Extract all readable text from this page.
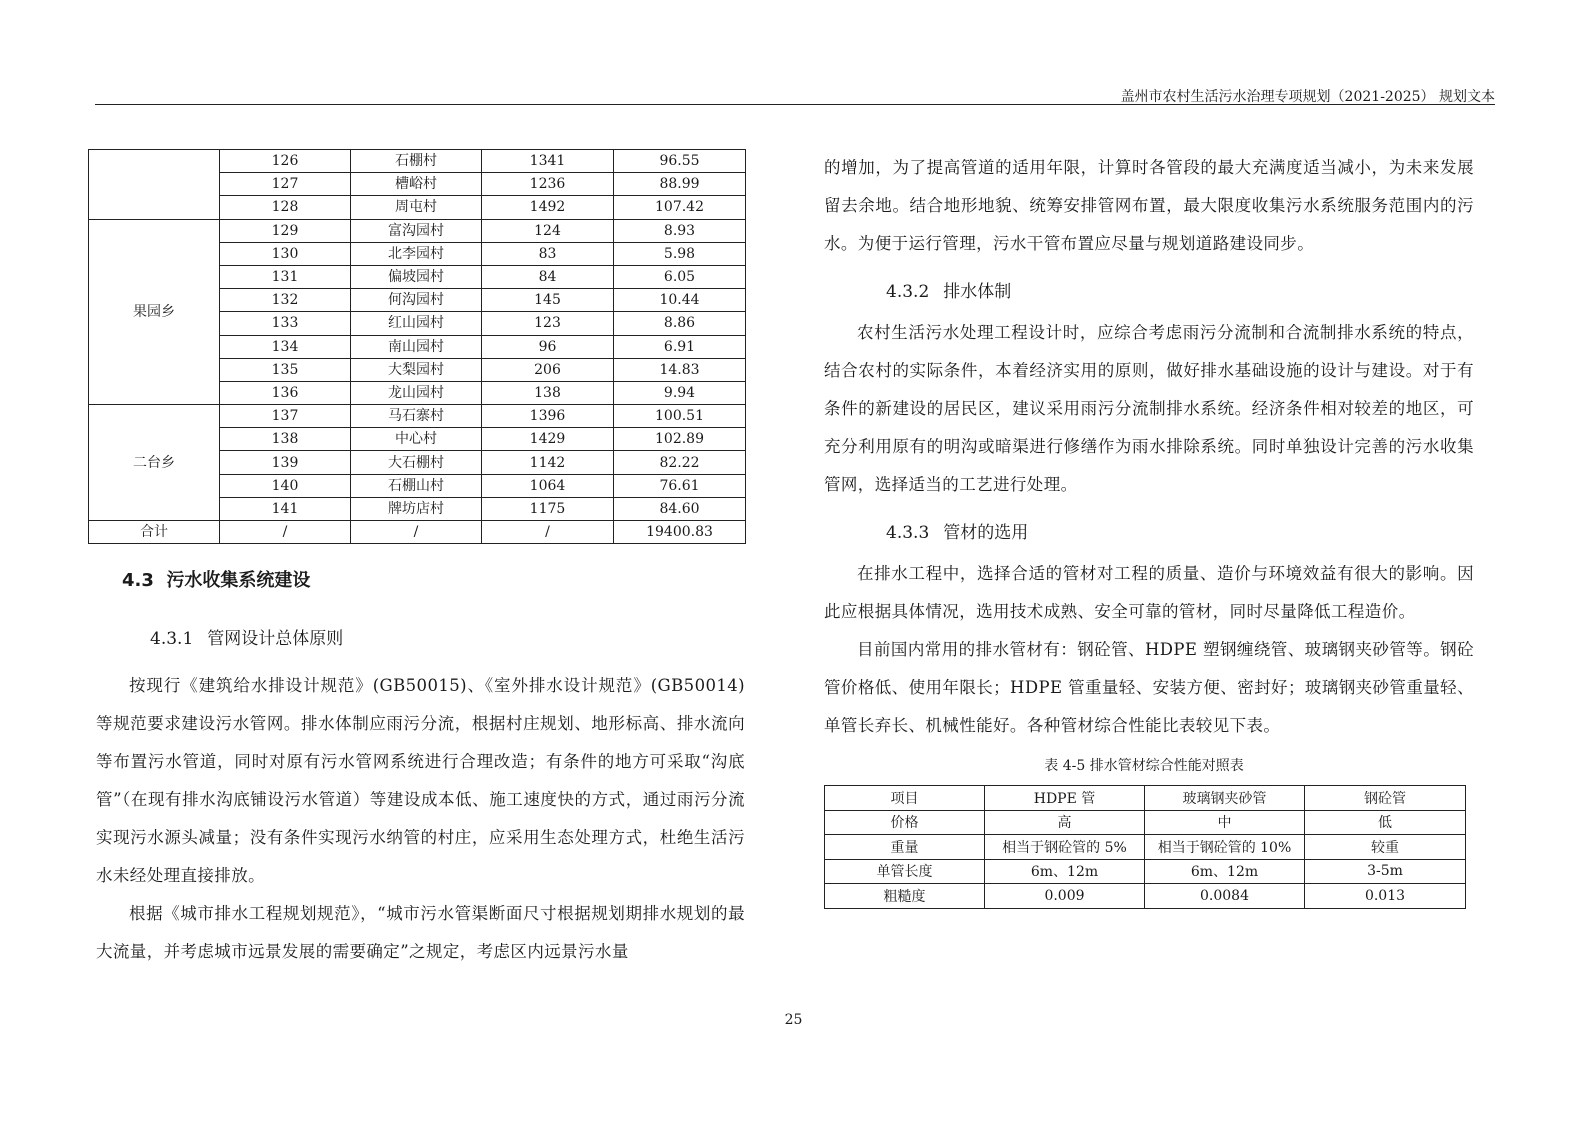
盖州市农村生活污水治理专项规划（2021-2025） 规划文本
	126	石棚村	1341	96.55
	127	槽峪村	1236	88.99
	128	周屯村	1492	107.42
果园乡	129	富沟园村	124	8.93
	130	北李园村	83	5.98
	131	偏坡园村	84	6.05
	132	何沟园村	145	10.44
	133	红山园村	123	8.86
	134	南山园村	96	6.91
	135	大梨园村	206	14.83
	136	龙山园村	138	9.94
二台乡	137	马石寨村	1396	100.51
	138	中心村	1429	102.89
	139	大石棚村	1142	82.22
	140	石棚山村	1064	76.61
	141	牌坊店村	1175	84.60
合计	/	/	/	19400.83
4.3 污水收集系统建设
4.3.1 管网设计总体原则

按现行《建筑给水排设计规范》(GB50015)、《室外排水设计规范》(GB50014)等规范要求建设污水管网。排水体制应雨污分流，根据村庄规划、地形标高、排水流向等布置污水管道，同时对原有污水管网系统进行合理改造；有条件的地方可采取“沟底管”（在现有排水沟底铺设污水管道）等建设成本低、施工速度快的方式，通过雨污分流实现污水源头减量；没有条件实现污水纳管的村庄，应采用生态处理方式，杜绝生活污水未经处理直接排放。

根据《城市排水工程规划规范》，“城市污水管渠断面尺寸根据规划期排水规划的最大流量，并考虑城市远景发展的需要确定”之规定，考虑区内远景污水量

的增加，为了提高管道的适用年限，计算时各管段的最大充满度适当减小，为未来发展留去余地。结合地形地貌、统筹安排管网布置，最大限度收集污水系统服务范围内的污水。为便于运行管理，污水干管布置应尽量与规划道路建设同步。

4.3.2 排水体制

农村生活污水处理工程设计时，应综合考虑雨污分流制和合流制排水系统的特点，结合农村的实际条件，本着经济实用的原则，做好排水基础设施的设计与建设。对于有条件的新建设的居民区，建议采用雨污分流制排水系统。经济条件相对较差的地区，可充分利用原有的明沟或暗渠进行修缮作为雨水排除系统。同时单独设计完善的污水收集管网，选择适当的工艺进行处理。

4.3.3 管材的选用

在排水工程中，选择合适的管材对工程的质量、造价与环境效益有很大的影响。因此应根据具体情况，选用技术成熟、安全可靠的管材，同时尽量降低工程造价。

目前国内常用的排水管材有：钢砼管、HDPE 塑钢缠绕管、玻璃钢夹砂管等。钢砼管价格低、使用年限长；HDPE 管重量轻、安装方便、密封好；玻璃钢夹砂管重量轻、单管长弃长、机械性能好。各种管材综合性能比表较见下表。

表 4-5 排水管材综合性能对照表
项目	HDPE 管	玻璃钢夹砂管	钢砼管
价格	高	中	低
重量	相当于钢砼管的 5%	相当于钢砼管的 10%	较重
单管长度	6m、12m	6m、12m	3-5m
粗糙度	0.009	0.0084	0.013
25
